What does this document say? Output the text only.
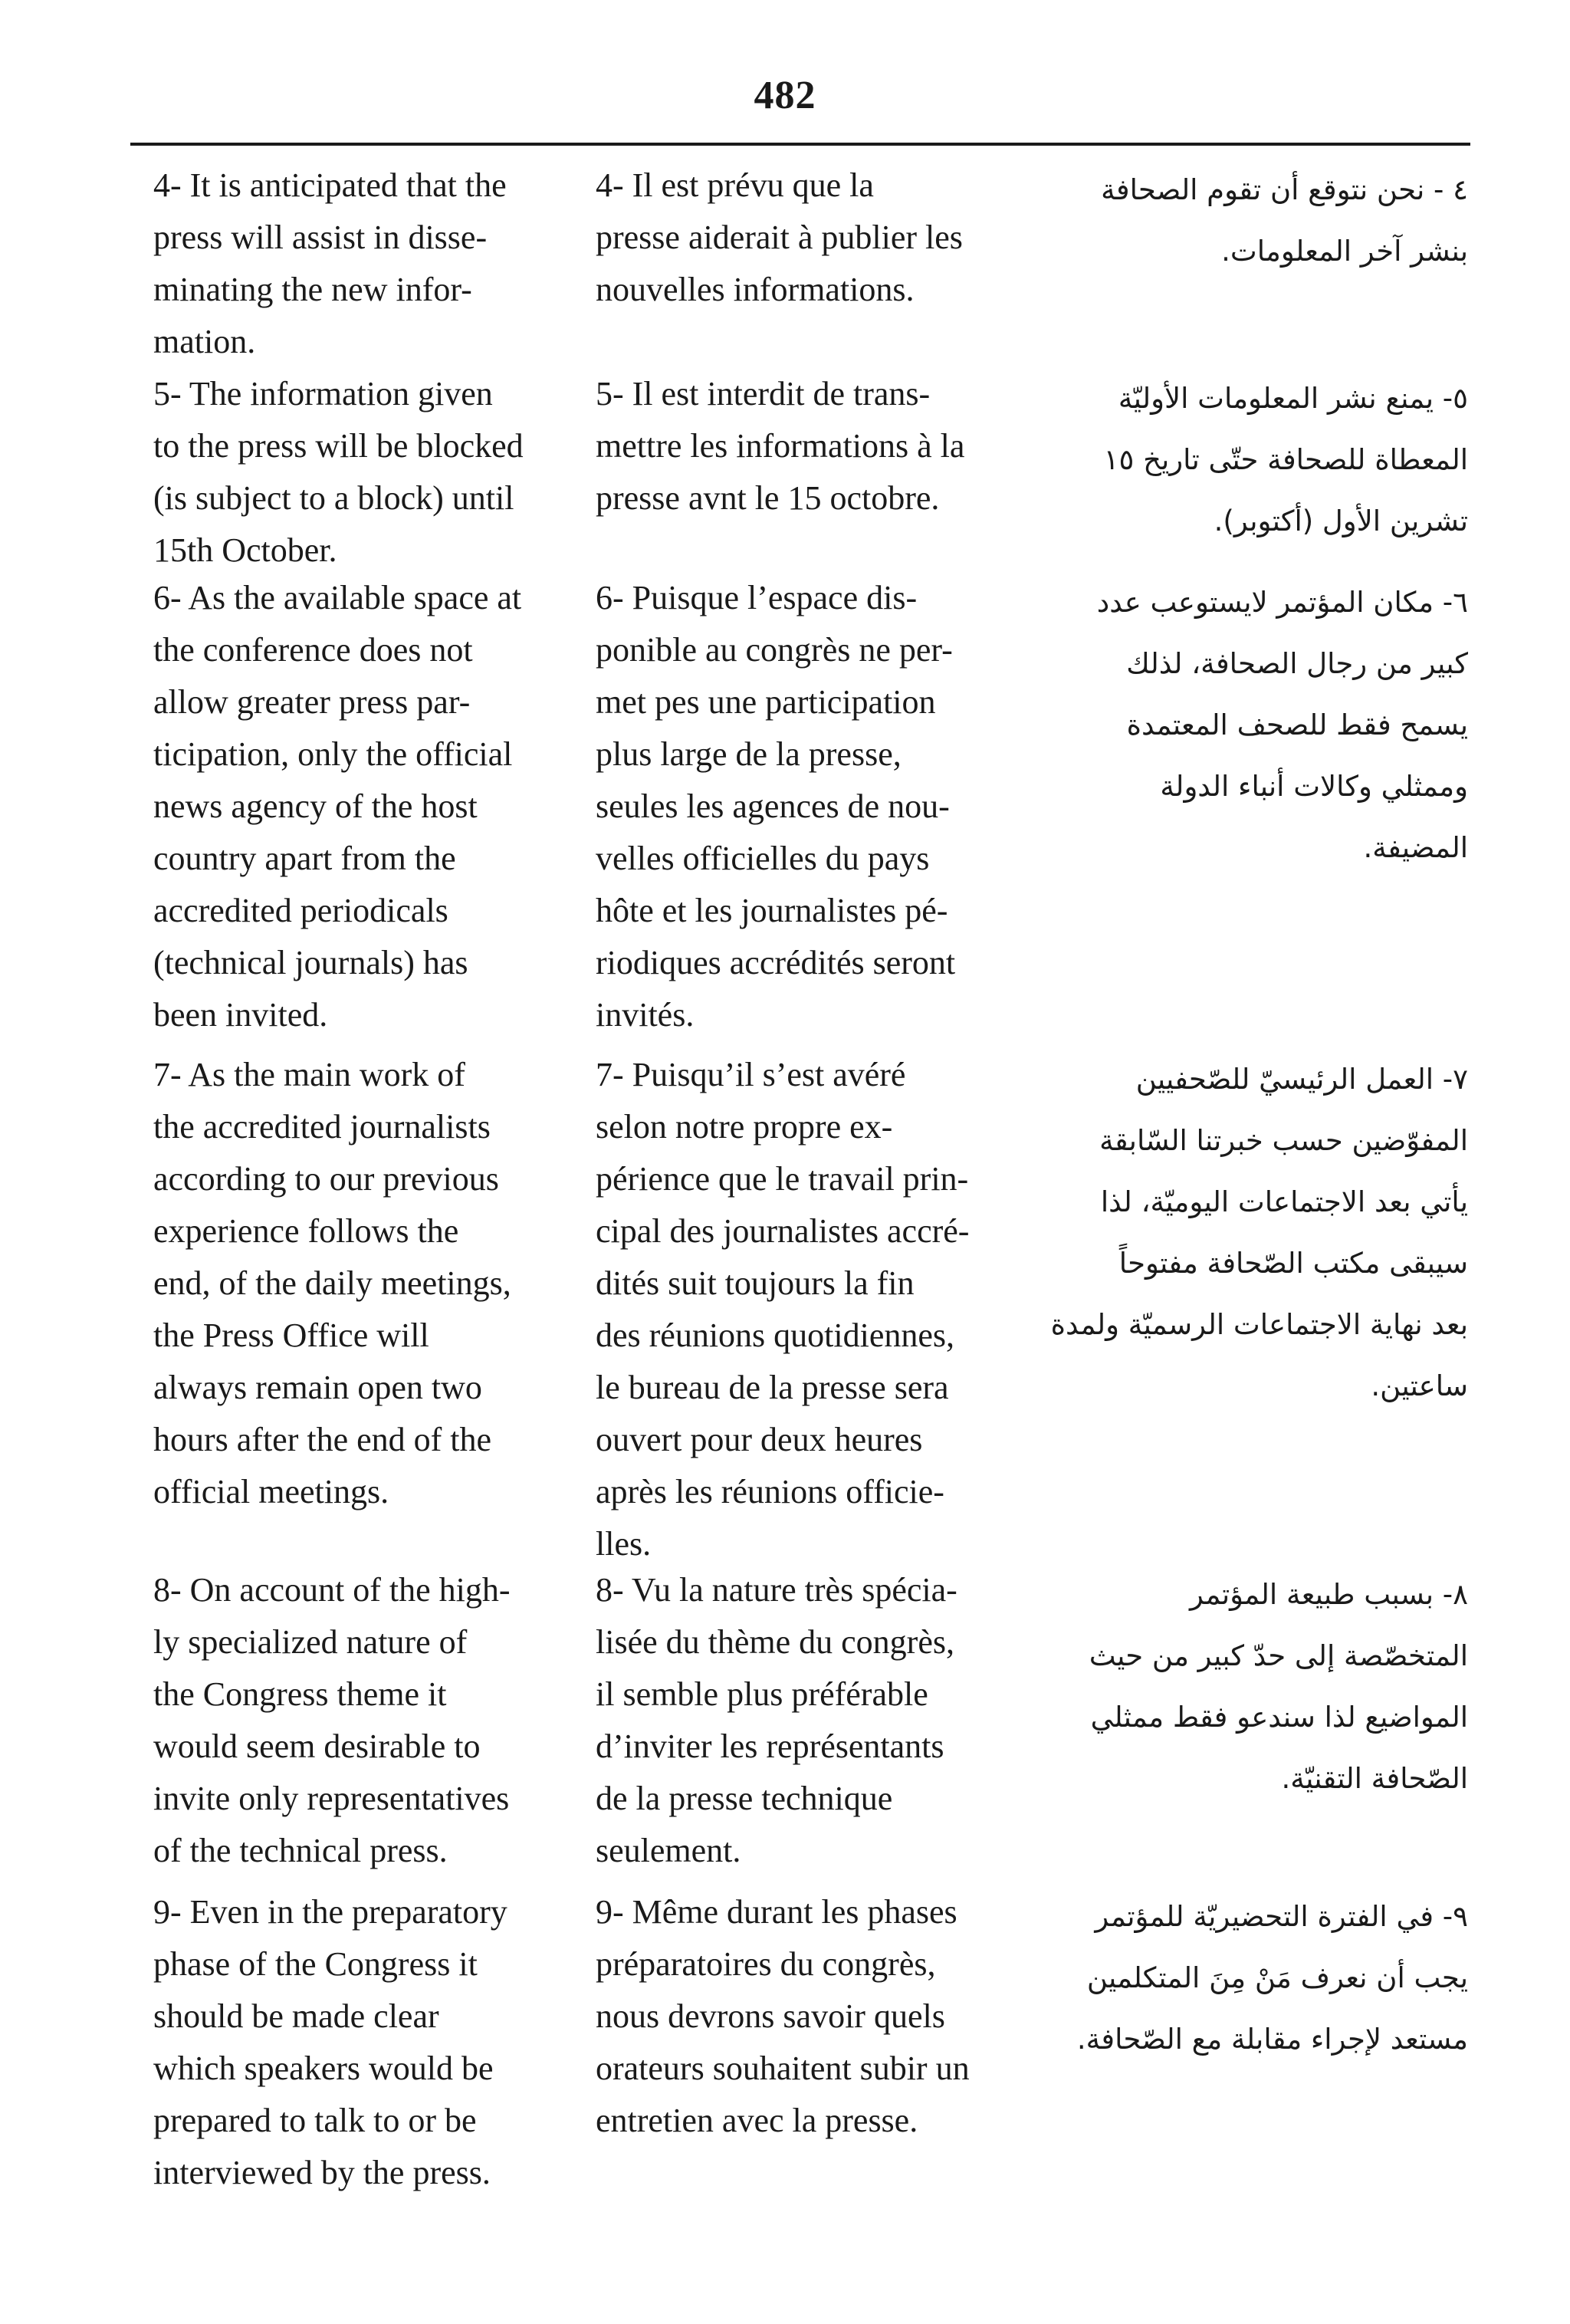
482
4- It is anticipated that the
press will assist in disse-
minating the new infor-
mation.
4- Il est prévu que la
presse aiderait à publier les
nouvelles informations.
٤ - نحن نتوقع أن تقوم الصحافة
بنشر آخر المعلومات.
5- The information given
to the press will be blocked
(is subject to a block) until
15th October.
5- Il est interdit de trans-
mettre les informations à la
presse avnt le 15 octobre.
٥- يمنع نشر المعلومات الأوليّة
المعطاة للصحافة حتّى تاريخ ١٥
تشرين الأول (أكتوبر).
6- As the available space at
the conference does not
allow greater press par-
ticipation, only the official
news agency of the host
country apart from the
accredited periodicals
(technical journals) has
been invited.
6- Puisque l’espace dis-
ponible au congrès ne per-
met pes une participation
plus large de la presse,
seules les agences de nou-
velles officielles du pays
hôte et les journalistes pé-
riodiques accrédités seront
invités.
٦- مكان المؤتمر لايستوعب عدد
كبير من رجال الصحافة، لذلك
يسمح فقط للصحف المعتمدة
وممثلي وكالات أنباء الدولة
المضيفة.
7- As the main work of
the accredited journalists
according to our previous
experience follows the
end, of the daily meetings,
the Press Office will
always remain open two
hours after the end of the
official meetings.
7- Puisqu’il s’est avéré
selon notre propre ex-
périence que le travail prin-
cipal des journalistes accré-
dités suit toujours la fin
des réunions quotidiennes,
le bureau de la presse sera
ouvert pour deux heures
après les réunions officie-
lles.
٧- العمل الرئيسيّ للصّحفيين
المفوّضين حسب خبرتنا السّابقة
يأتي بعد الاجتماعات اليوميّة، لذا
سيبقى مكتب الصّحافة مفتوحاً
بعد نهاية الاجتماعات الرسميّة ولمدة
ساعتين.
8- On account of the high-
ly specialized nature of
the Congress theme it
would seem desirable to
invite only representatives
of the technical press.
8- Vu la nature très spécia-
lisée du thème du congrès,
il semble plus préférable
d’inviter les représentants
de la presse technique
seulement.
٨- بسبب طبيعة المؤتمر
المتخصّصة إلى حدّ كبير من حيث
المواضيع لذا سندعو فقط ممثلي
الصّحافة التقنيّة.
9- Even in the preparatory
phase of the Congress it
should be made clear
which speakers would be
prepared to talk to or be
interviewed by the press.
9- Même durant les phases
préparatoires du congrès,
nous devrons savoir quels
orateurs souhaitent subir un
entretien avec la presse.
٩- في الفترة التحضيريّة للمؤتمر
يجب أن نعرف مَنْ مِنَ المتكلمين
مستعد لإجراء مقابلة مع الصّحافة.
